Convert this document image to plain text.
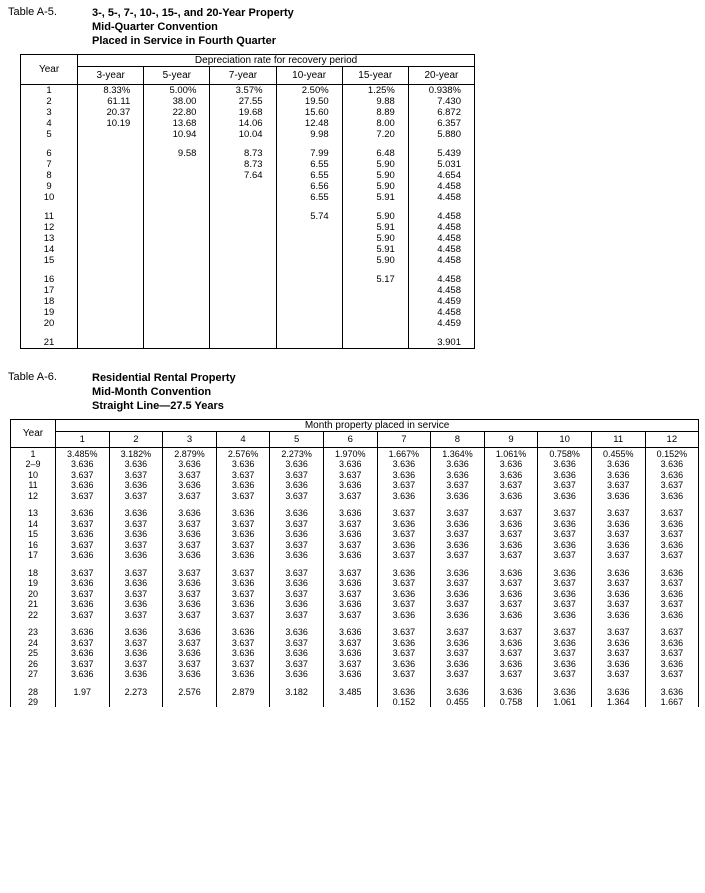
Table A-5.	3-, 5-, 7-, 10-, 15-, and 20-Year Property
Mid-Quarter Convention
Placed in Service in Fourth Quarter
Year	Depreciation rate for recovery period					
	3-year	5-year	7-year	10-year	15-year	20-year
1	8.33%	5.00%	3.57%	2.50%	1.25%	0.938%
2	61.11	38.00	27.55	19.50	9.88	7.430
3	20.37	22.80	19.68	15.60	8.89	6.872
4	10.19	13.68	14.06	12.48	8.00	6.357
5		10.94	10.04	9.98	7.20	5.880

6		9.58	8.73	7.99	6.48	5.439
7			8.73	6.55	5.90	5.031
8			7.64	6.55	5.90	4.654
9				6.56	5.90	4.458
10				6.55	5.91	4.458

11				5.74	5.90	4.458
12					5.91	4.458
13					5.90	4.458
14					5.91	4.458
15					5.90	4.458

16					5.17	4.458
17						4.458
18						4.459
19						4.458
20						4.459

21						3.901
Table A-6.	Residential Rental Property
Mid-Month Convention
Straight Line—27.5 Years
Year	Month property placed in service											
	1	2	3	4	5	6	7	8	9	10	11	12
1	3.485%	3.182%	2.879%	2.576%	2.273%	1.970%	1.667%	1.364%	1.061%	0.758%	0.455%	0.152%
2–9	3.636	3.636	3.636	3.636	3.636	3.636	3.636	3.636	3.636	3.636	3.636	3.636
10	3.637	3.637	3.637	3.637	3.637	3.637	3.636	3.636	3.636	3.636	3.636	3.636
11	3.636	3.636	3.636	3.636	3.636	3.636	3.637	3.637	3.637	3.637	3.637	3.637
12	3.637	3.637	3.637	3.637	3.637	3.637	3.636	3.636	3.636	3.636	3.636	3.636

13	3.636	3.636	3.636	3.636	3.636	3.636	3.637	3.637	3.637	3.637	3.637	3.637
14	3.637	3.637	3.637	3.637	3.637	3.637	3.636	3.636	3.636	3.636	3.636	3.636
15	3.636	3.636	3.636	3.636	3.636	3.636	3.637	3.637	3.637	3.637	3.637	3.637
16	3.637	3.637	3.637	3.637	3.637	3.637	3.636	3.636	3.636	3.636	3.636	3.636
17	3.636	3.636	3.636	3.636	3.636	3.636	3.637	3.637	3.637	3.637	3.637	3.637

18	3.637	3.637	3.637	3.637	3.637	3.637	3.636	3.636	3.636	3.636	3.636	3.636
19	3.636	3.636	3.636	3.636	3.636	3.636	3.637	3.637	3.637	3.637	3.637	3.637
20	3.637	3.637	3.637	3.637	3.637	3.637	3.636	3.636	3.636	3.636	3.636	3.636
21	3.636	3.636	3.636	3.636	3.636	3.636	3.637	3.637	3.637	3.637	3.637	3.637
22	3.637	3.637	3.637	3.637	3.637	3.637	3.636	3.636	3.636	3.636	3.636	3.636

23	3.636	3.636	3.636	3.636	3.636	3.636	3.637	3.637	3.637	3.637	3.637	3.637
24	3.637	3.637	3.637	3.637	3.637	3.637	3.636	3.636	3.636	3.636	3.636	3.636
25	3.636	3.636	3.636	3.636	3.636	3.636	3.637	3.637	3.637	3.637	3.637	3.637
26	3.637	3.637	3.637	3.637	3.637	3.637	3.636	3.636	3.636	3.636	3.636	3.636
27	3.636	3.636	3.636	3.636	3.636	3.636	3.637	3.637	3.637	3.637	3.637	3.637

28	1.97	2.273	2.576	2.879	3.182	3.485	3.636	3.636	3.636	3.636	3.636	3.636
29							0.152	0.455	0.758	1.061	1.364	1.667
